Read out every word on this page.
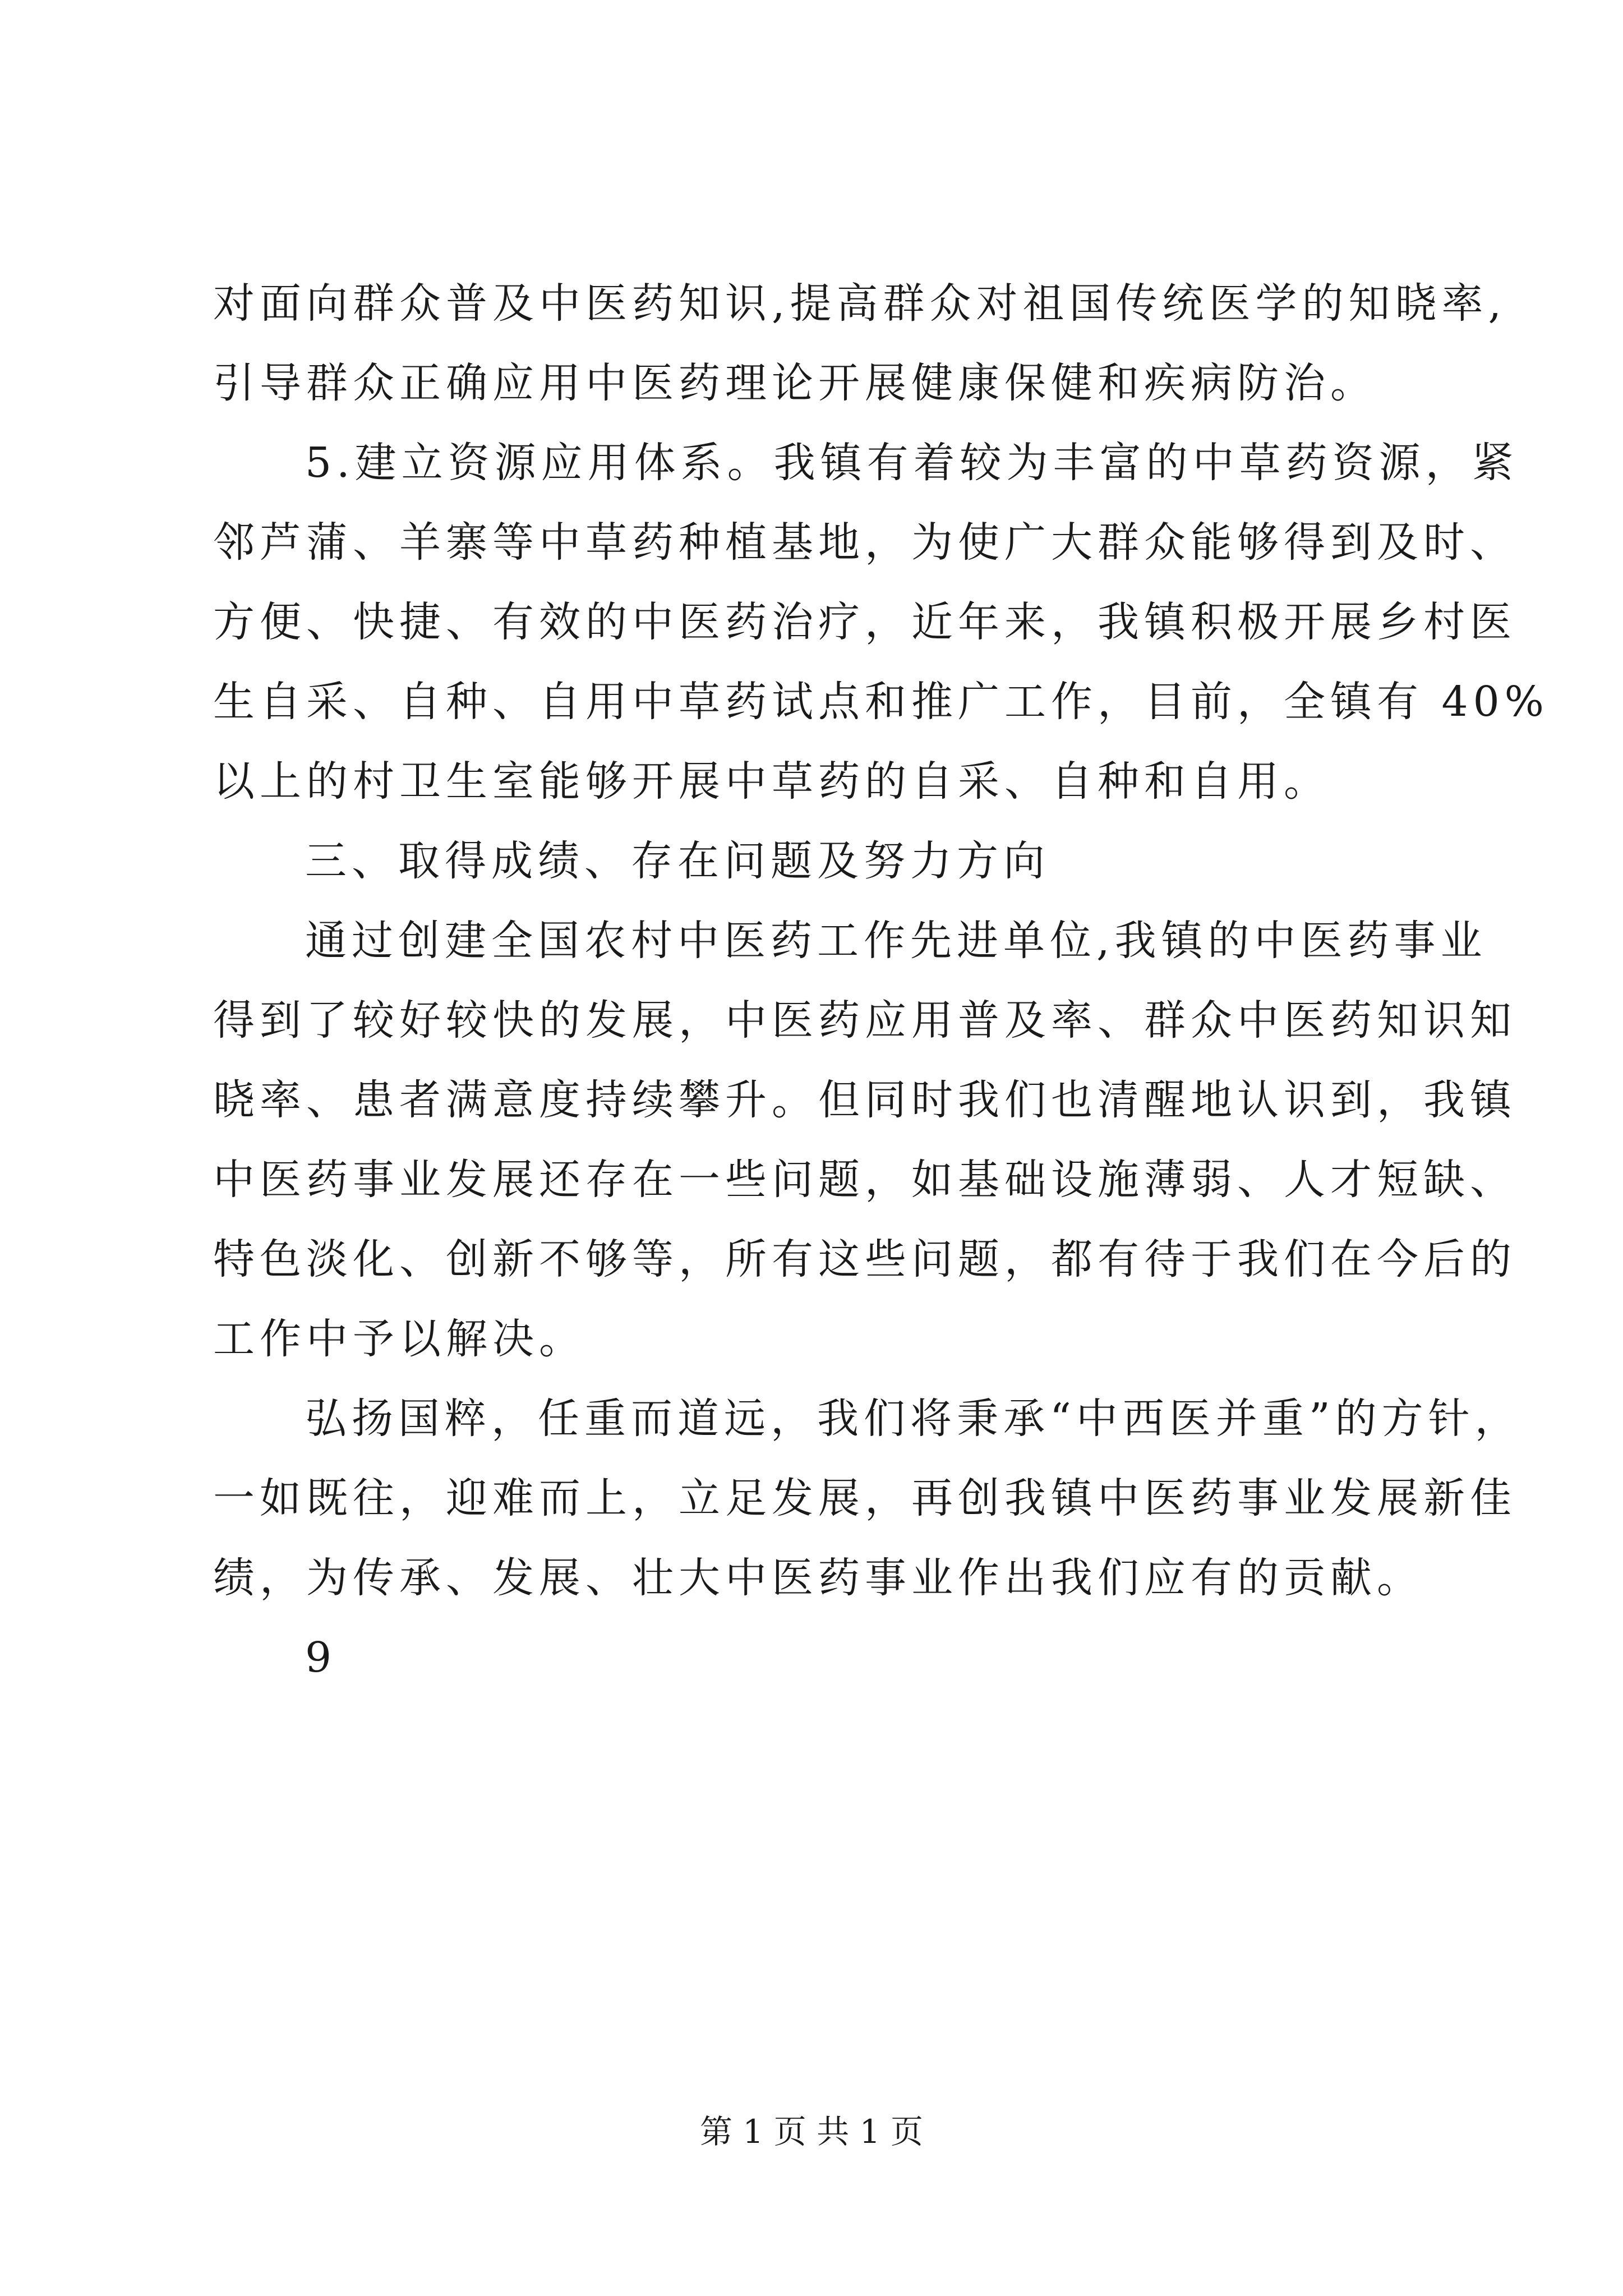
对面向群众普及中医药知识,提高群众对祖国传统医学的知晓率,
引导群众正确应用中医药理论开展健康保健和疾病防治。
5.建立资源应用体系。我镇有着较为丰富的中草药资源，紧
邻芦蒲、羊寨等中草药种植基地，为使广大群众能够得到及时、
方便、快捷、有效的中医药治疗，近年来，我镇积极开展乡村医
生自采、自种、自用中草药试点和推广工作，目前，全镇有 40%
以上的村卫生室能够开展中草药的自采、自种和自用。
三、取得成绩、存在问题及努力方向
通过创建全国农村中医药工作先进单位,我镇的中医药事业
得到了较好较快的发展，中医药应用普及率、群众中医药知识知
晓率、患者满意度持续攀升。但同时我们也清醒地认识到，我镇
中医药事业发展还存在一些问题，如基础设施薄弱、人才短缺、
特色淡化、创新不够等，所有这些问题，都有待于我们在今后的
工作中予以解决。
弘扬国粹，任重而道远，我们将秉承“中西医并重”的方针，
一如既往，迎难而上，立足发展，再创我镇中医药事业发展新佳
绩，为传承、发展、壮大中医药事业作出我们应有的贡献。
9
第 1 页 共 1 页
